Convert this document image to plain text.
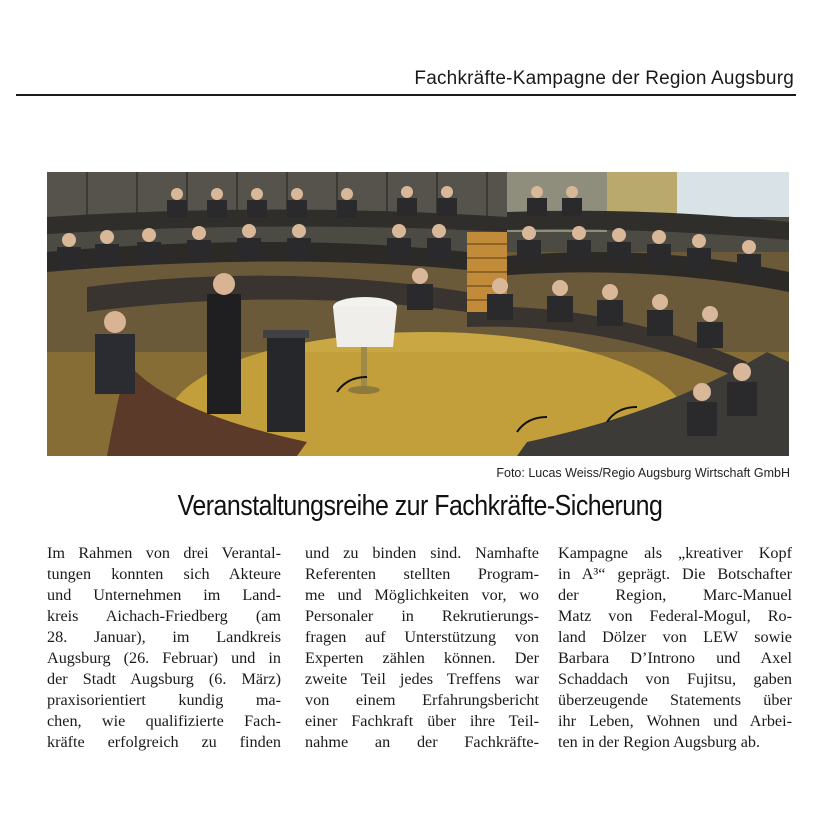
Fachkräfte-Kampagne der Region Augsburg
Foto: Lucas Weiss/Regio Augsburg Wirtschaft GmbH
Veranstaltungsreihe zur Fachkräfte-Sicherung
Im Rahmen von drei Verantal-
tungen konnten sich Akteure
und Unternehmen im Land-
kreis Aichach-Friedberg (am
28. Januar), im Landkreis
Augsburg (26. Februar) und in
der Stadt Augsburg (6. März)
praxisorientiert kundig ma-
chen, wie qualifizierte Fach-
kräfte erfolgreich zu finden
und zu binden sind. Namhafte
Referenten stellten Program-
me und Möglichkeiten vor, wo
Personaler in Rekrutierungs-
fragen auf Unterstützung von
Experten zählen können. Der
zweite Teil jedes Treffens war
von einem Erfahrungsbericht
einer Fachkraft über ihre Teil-
nahme an der Fachkräfte-
Kampagne als „kreativer Kopf
in A³“ geprägt. Die Botschafter
der Region, Marc-Manuel
Matz von Federal-Mogul, Ro-
land Dölzer von LEW sowie
Barbara D’Introno und Axel
Schaddach von Fujitsu, gaben
überzeugende Statements über
ihr Leben, Wohnen und Arbei-
ten in der Region Augsburg ab.
